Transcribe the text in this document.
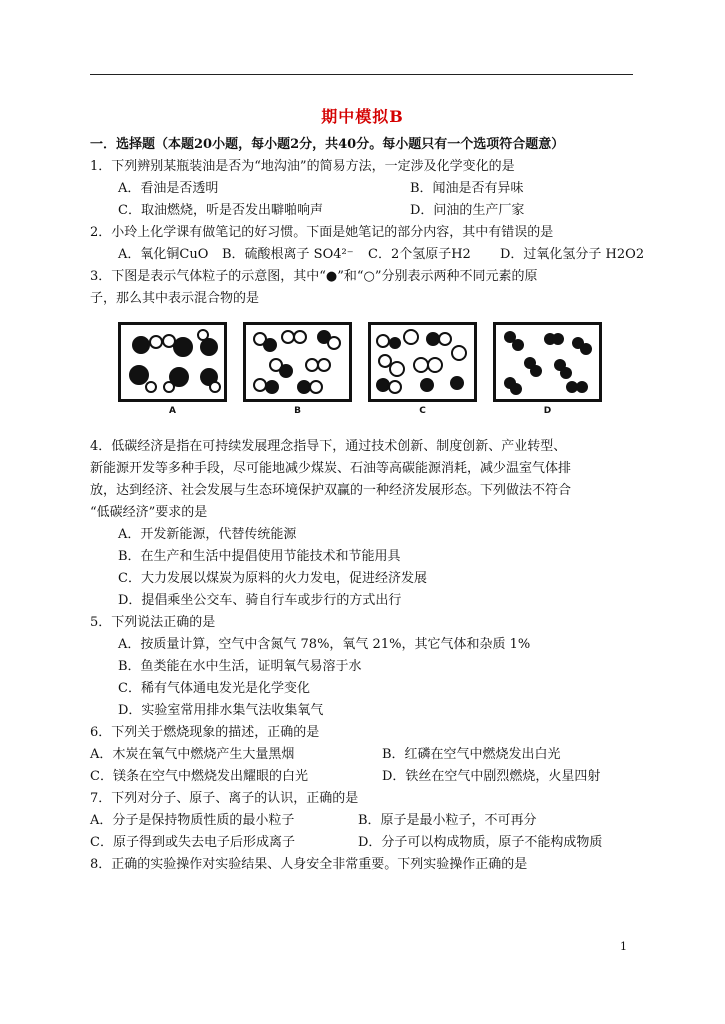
期中模拟B
一．选择题（本题20小题，每小题2分，共40分。每小题只有一个选项符合题意）
1．下列辨别某瓶装油是否为“地沟油”的简易方法，一定涉及化学变化的是
A．看油是否透明	B．闻油是否有异味
C．取油燃烧，听是否发出噼啪响声	D．问油的生产厂家
2．小玲上化学课有做笔记的好习惯。下面是她笔记的部分内容，其中有错误的是
A．氧化铜CuO B．硫酸根离子 SO4²⁻ C．2个氢原子H2 D．过氧化氢分子 H2O2
3．下图是表示气体粒子的示意图，其中“●”和“○”分别表示两种不同元素的原
子，那么其中表示混合物的是
A	B	C	D
4．低碳经济是指在可持续发展理念指导下，通过技术创新、制度创新、产业转型、
新能源开发等多种手段，尽可能地减少煤炭、石油等高碳能源消耗，减少温室气体排
放，达到经济、社会发展与生态环境保护双赢的一种经济发展形态。下列做法不符合
“低碳经济”要求的是
A．开发新能源，代替传统能源
B．在生产和生活中提倡使用节能技术和节能用具
C．大力发展以煤炭为原料的火力发电，促进经济发展
D．提倡乘坐公交车、骑自行车或步行的方式出行
5．下列说法正确的是
A．按质量计算，空气中含氮气 78%，氧气 21%，其它气体和杂质 1%
B．鱼类能在水中生活，证明氧气易溶于水
C．稀有气体通电发光是化学变化
D．实验室常用排水集气法收集氧气
6．下列关于燃烧现象的描述，正确的是
A．木炭在氧气中燃烧产生大量黑烟	B．红磷在空气中燃烧发出白光
C．镁条在空气中燃烧发出耀眼的白光	D．铁丝在空气中剧烈燃烧，火星四射
7．下列对分子、原子、离子的认识，正确的是
A．分子是保持物质性质的最小粒子	B．原子是最小粒子，不可再分
C．原子得到或失去电子后形成离子	D．分子可以构成物质，原子不能构成物质
8．正确的实验操作对实验结果、人身安全非常重要。下列实验操作正确的是
1
